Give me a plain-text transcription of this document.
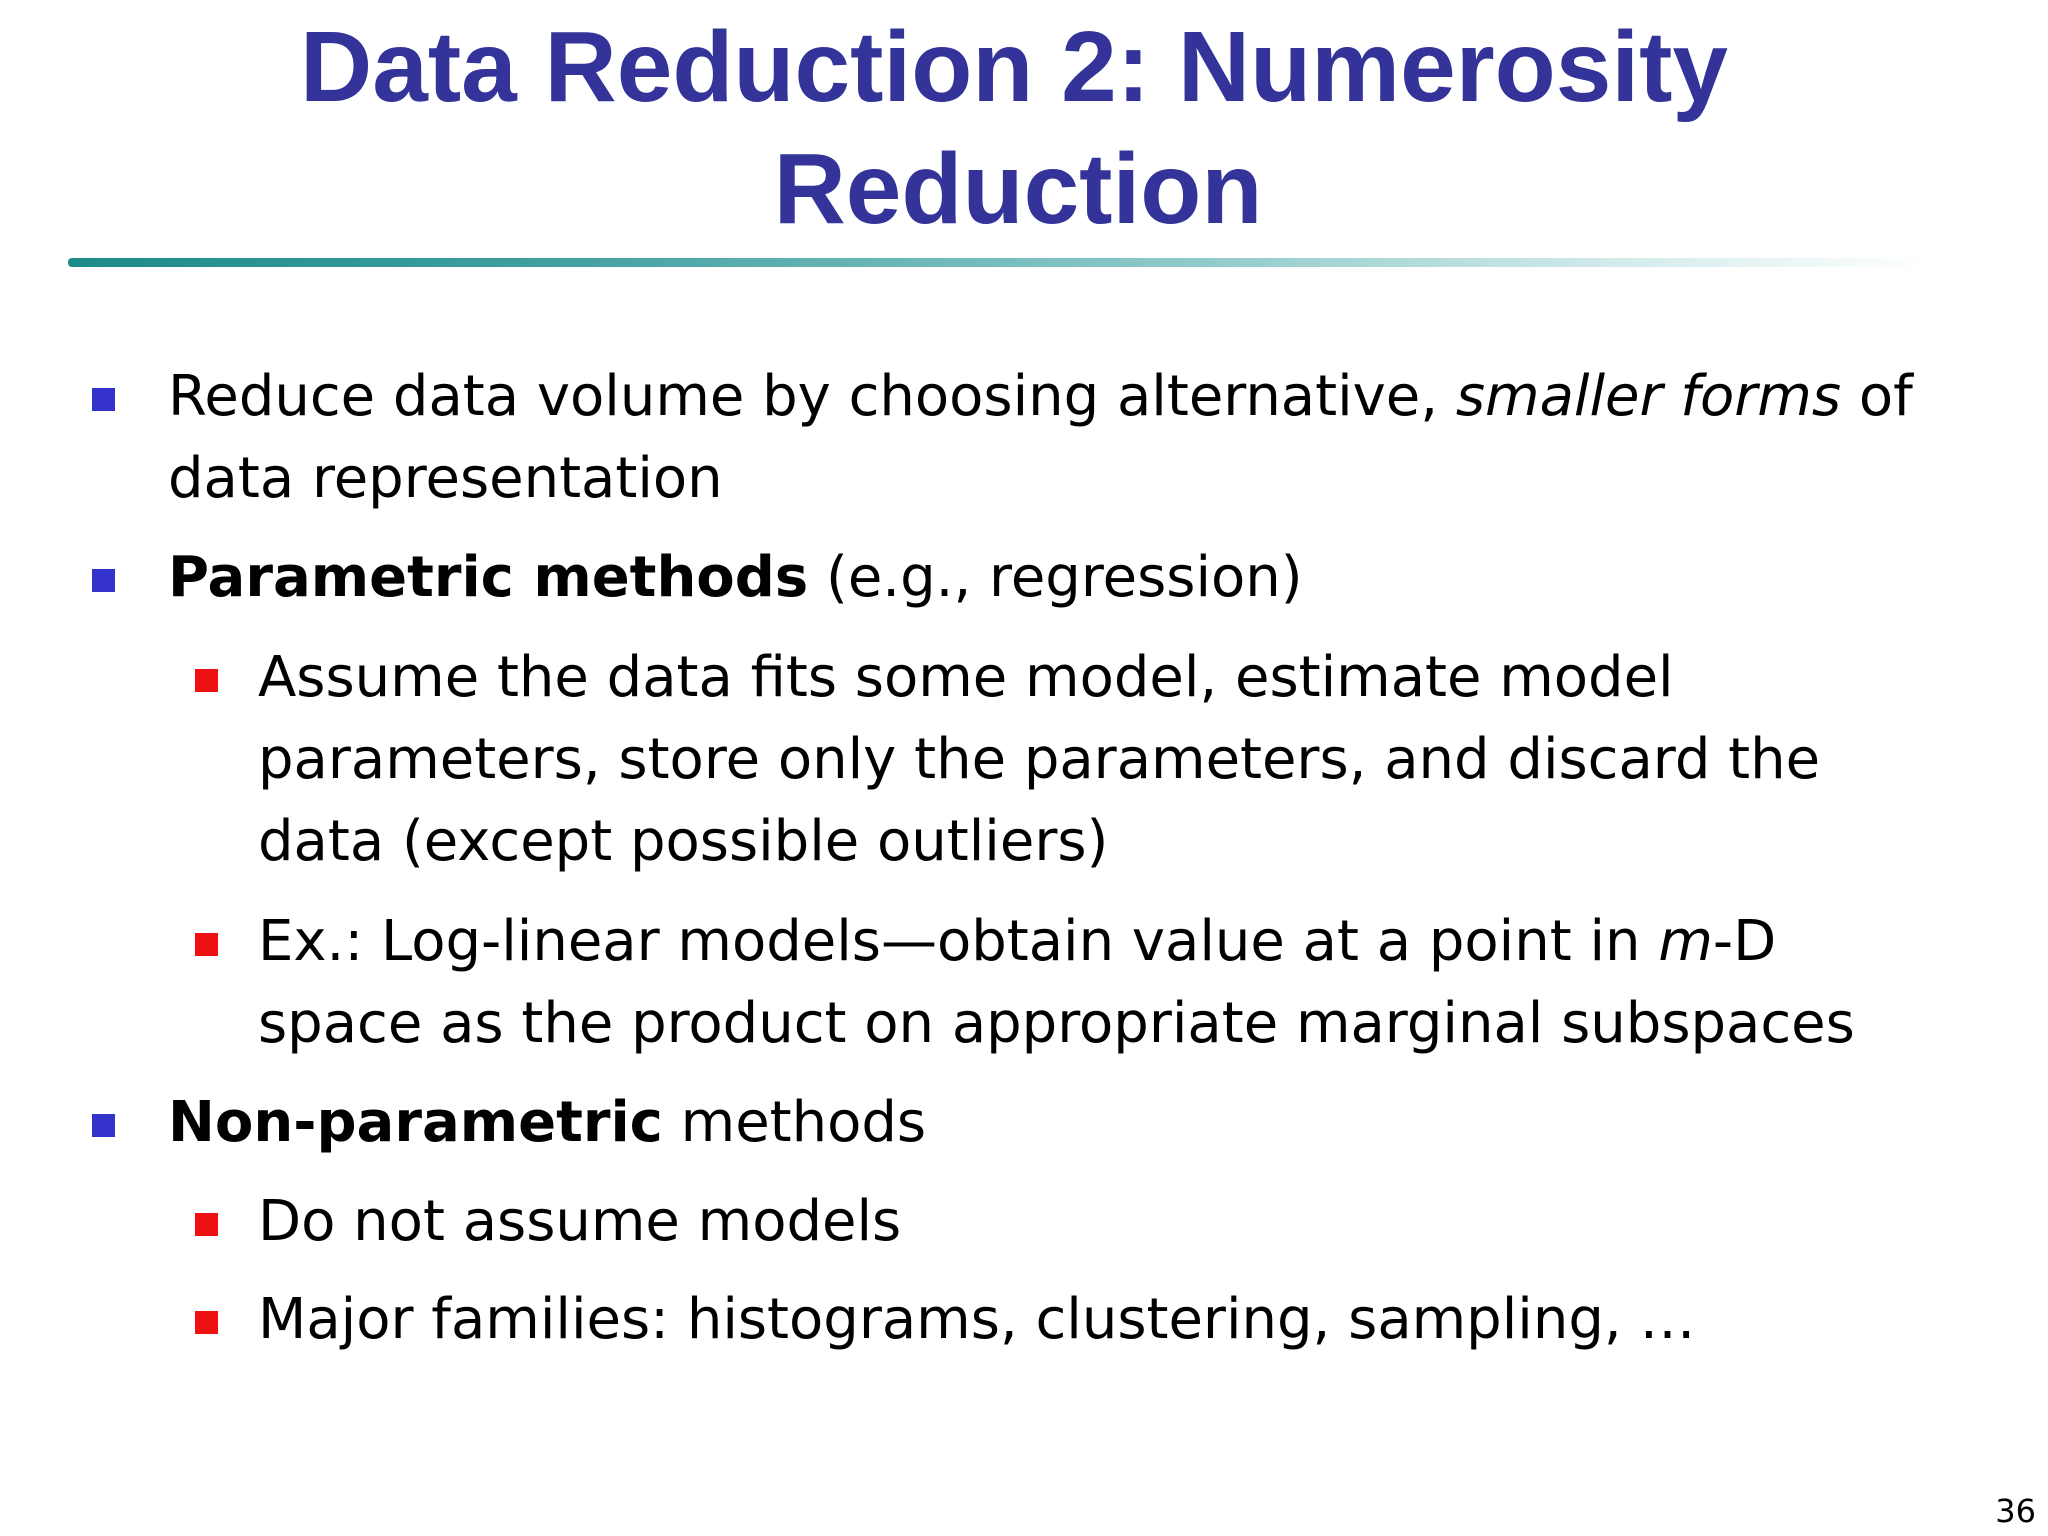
Data Reduction 2: Numerosity
Reduction
Reduce data volume by choosing alternative, smaller forms of data representation
Parametric methods (e.g., regression)
Assume the data fits some model, estimate model parameters, store only the parameters, and discard the data (except possible outliers)
Ex.: Log-linear models—obtain value at a point in m-D space as the product on appropriate marginal subspaces
Non-parametric methods
Do not assume models
Major families: histograms, clustering, sampling, …
36
